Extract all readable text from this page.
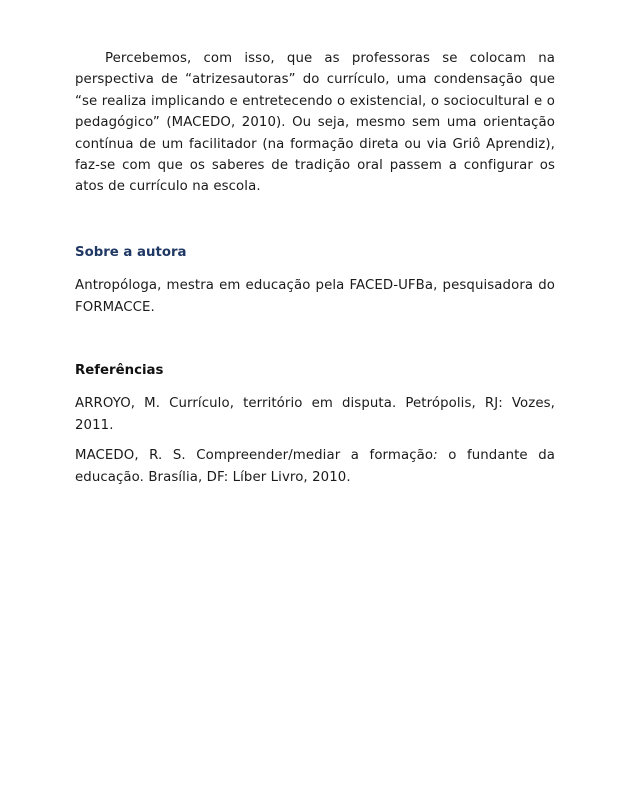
Percebemos, com isso, que as professoras se colocam na perspectiva de “atrizesautoras” do currículo, uma condensação que “se realiza implicando e entretecendo o existencial, o sociocultural e o pedagógico” (MACEDO, 2010). Ou seja, mesmo sem uma orientação contínua de um facilitador (na formação direta ou via Griô Aprendiz), faz-se com que os saberes de tradição oral passem a configurar os atos de currículo na escola.

Sobre a autora

Antropóloga, mestra em educação pela FACED-UFBa, pesquisadora do FORMACCE.

Referências

ARROYO, M. Currículo, território em disputa. Petrópolis, RJ: Vozes, 2011.

MACEDO, R. S. Compreender/mediar a formação: o fundante da educação. Brasília, DF: Líber Livro, 2010.
